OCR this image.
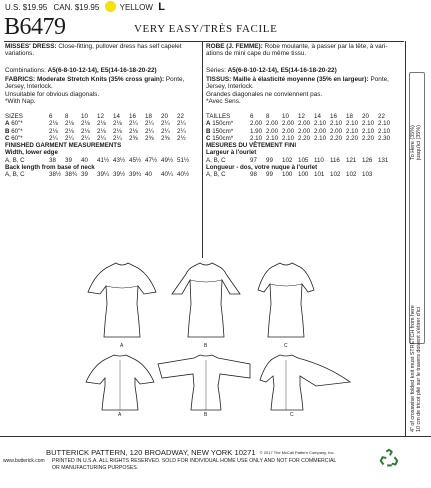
U.S. $19.95 CAN. $19.95	YELLOW L
B6479	VERY EASY/TRÈS FACILE
MISSES' DRESS: Close-fitting, pullover dress has self capelet
variations.
Combinations: A5(6-8-10-12-14), E5(14-16-18-20-22)
FABRICS: Moderate Stretch Knits (35% cross grain): Ponte,
Jersey, Interlock.
Unsuitable for obvious diagonals.
*With Nap.
SIZES	6	8	10	12	14	16	18	20	22
A 60"*	2⅛	2⅛	2⅛	2⅛	2⅛	2¼	2¼	2¼	2¼
B 60"*	2⅛	2⅛	2⅛	2⅛	2⅛	2⅛	2¼	2¼	2¼
C 60"*	2¼	2¼	2¼	2¼	2¼	2⅜	2⅜	2⅜	2½
FINISHED GARMENT MEASUREMENTS									
Width, lower edge									
A, B, C	38	39	40	41½	43½	45½	47½	49½	51½
Back length from base of neck									
A, B, C	38½	38¾	39	39¼	39½	39¾	40	40¼	40½
ROBE (J. FEMME): Robe moulante, à passer par la tête, à vari-
ations de mini cape du même tissu.
Séries: A5(6-8-10-12-14), E5(14-16-18-20-22)
TISSUS: Maille à élasticité moyenne (35% en largeur): Ponte,
Jersey, Interlock.
Grandes diagonales ne conviennent pas.
*Avec Sens.
TAILLES	6	8	10	12	14	16	18	20	22
A 150cm*	2.00	2.00	2.00	2.00	2.10	2.10	2.10	2.10	2.10
B 150cm*	1.90	2.00	2.00	2.00	2.00	2.00	2.10	2.10	2.10
C 150cm*	2.10	2.10	2.10	2.20	2.10	2.20	2.20	2.20	2.30
MESURES DU VÊTEMENT FINI									
Largeur à l'ourlet									
A, B, C	97	99	102	105	110	116	121	126	131
Longueur - dos, votre nuque à l'ourlet									
A, B, C	98	99	100	100	101	102	102	103	
To Here (35%) jusqu'ici (35%)
4" of crosswise folded knit must STRETCH from here 10 cm de tricot plié sur le travers doivent s'étirer d'ici
A	B	C
A	B	C
BUTTERICK PATTERN, 120 BROADWAY, NEW YORK 10271 © 2017 The McCall Pattern Company, Inc.
www.butterick.com PRINTED IN U.S.A. ALL RIGHTS RESERVED. SOLD FOR INDIVIDUAL HOME USE ONLY AND NOT FOR COMMERCIAL
OR MANUFACTURING PURPOSES.
